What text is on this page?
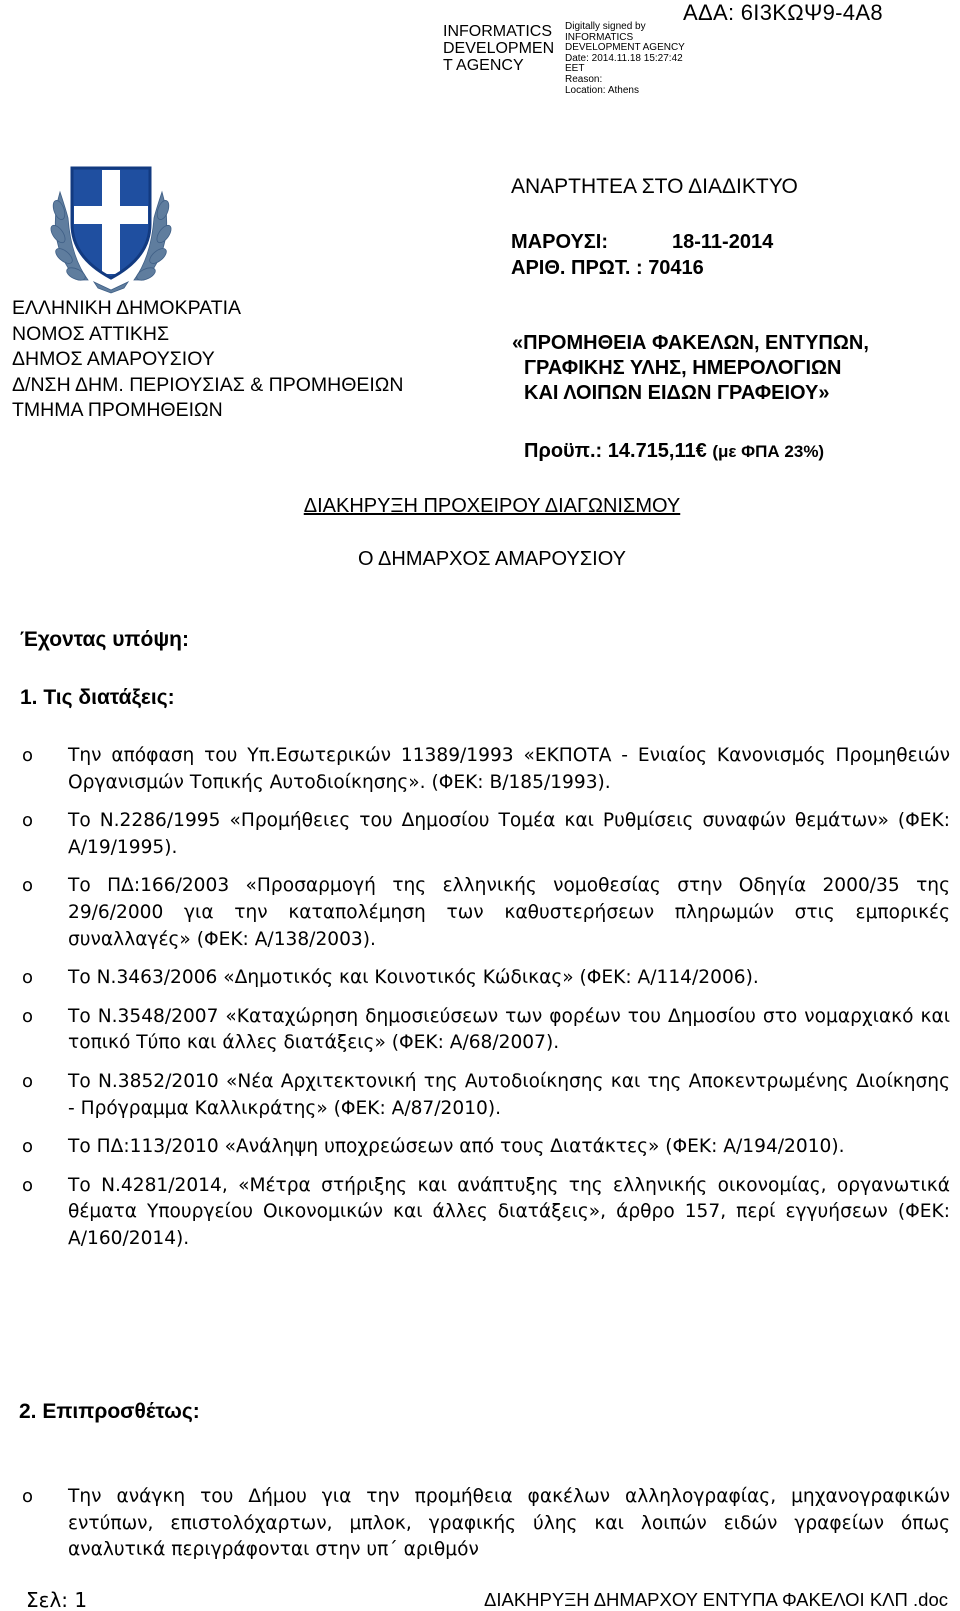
INFORMATICS
DEVELOPMEN
T AGENCY
Digitally signed by
INFORMATICS
DEVELOPMENT AGENCY
Date: 2014.11.18 15:27:42
EET
Reason:
Location: Athens
ΑΔΑ: 6Ι3ΚΩΨ9-4Α8
ΕΛΛΗΝΙΚΗ ΔΗΜΟΚΡΑΤΙΑ
ΝΟΜΟΣ ΑΤΤΙΚΗΣ
ΔΗΜΟΣ ΑΜΑΡΟΥΣΙΟΥ
Δ/ΝΣΗ ΔΗΜ. ΠΕΡΙΟΥΣΙΑΣ & ΠΡΟΜΗΘΕΙΩΝ
ΤΜΗΜΑ ΠΡΟΜΗΘΕΙΩΝ
ΑΝΑΡΤΗΤΕΑ ΣΤΟ ΔΙΑΔΙΚΤΥΟ
ΜΑΡΟΥΣΙ:	18-11-2014
ΑΡΙΘ. ΠΡΩΤ. : 70416
«ΠΡΟΜΗΘΕΙΑ ΦΑΚΕΛΩΝ, ΕΝΤΥΠΩΝ,
ΓΡΑΦΙΚΗΣ ΥΛΗΣ, ΗΜΕΡΟΛΟΓΙΩΝ
ΚΑΙ ΛΟΙΠΩΝ ΕΙΔΩΝ ΓΡΑΦΕΙΟΥ»
Προϋπ.: 14.715,11€ (με ΦΠΑ 23%)
ΔΙΑΚΗΡΥΞΗ ΠΡΟΧΕΙΡΟΥ ΔΙΑΓΩΝΙΣΜΟΥ
Ο ΔΗΜΑΡΧΟΣ ΑΜΑΡΟΥΣΙΟΥ
Έχοντας υπόψη:
1. Τις διατάξεις:
o Την απόφαση του Υπ.Εσωτερικών 11389/1993 «ΕΚΠΟΤΑ - Ενιαίος Κανονισμός Προμηθειών Οργανισμών Τοπικής Αυτοδιοίκησης». (ΦΕΚ: Β/185/1993).
o Το Ν.2286/1995 «Προμήθειες του Δημοσίου Τομέα και Ρυθμίσεις συναφών θεμάτων» (ΦΕΚ: Α/19/1995).
o Το ΠΔ:166/2003 «Προσαρμογή της ελληνικής νομοθεσίας στην Οδηγία 2000/35 της 29/6/2000 για την καταπολέμηση των καθυστερήσεων πληρωμών στις εμπορικές συναλλαγές» (ΦΕΚ: Α/138/2003).
o Το Ν.3463/2006 «Δημοτικός και Κοινοτικός Κώδικας» (ΦΕΚ: Α/114/2006).
o Το Ν.3548/2007 «Καταχώρηση δημοσιεύσεων των φορέων του Δημοσίου στο νομαρχιακό και τοπικό Τύπο και άλλες διατάξεις» (ΦΕΚ: Α/68/2007).
o Το Ν.3852/2010 «Νέα Αρχιτεκτονική της Αυτοδιοίκησης και της Αποκεντρωμένης Διοίκησης - Πρόγραμμα Καλλικράτης» (ΦΕΚ: Α/87/2010).
o Το ΠΔ:113/2010 «Ανάληψη υποχρεώσεων από τους Διατάκτες» (ΦΕΚ: Α/194/2010).
o Το Ν.4281/2014, «Μέτρα στήριξης και ανάπτυξης της ελληνικής οικονομίας, οργανωτικά θέματα Υπουργείου Οικονομικών και άλλες διατάξεις», άρθρο 157, περί εγγυήσεων (ΦΕΚ: Α/160/2014).
2. Επιπροσθέτως:
o Την ανάγκη του Δήμου για την προμήθεια φακέλων αλληλογραφίας, μηχανογραφικών εντύπων, επιστολόχαρτων, μπλοκ, γραφικής ύλης και λοιπών ειδών γραφείων όπως αναλυτικά περιγράφονται στην υπ΄ αριθμόν
Σελ: 1	ΔΙΑΚΗΡΥΞΗ ΔΗΜΑΡΧΟΥ ΕΝΤΥΠΑ ΦΑΚΕΛΟΙ ΚΛΠ .doc
